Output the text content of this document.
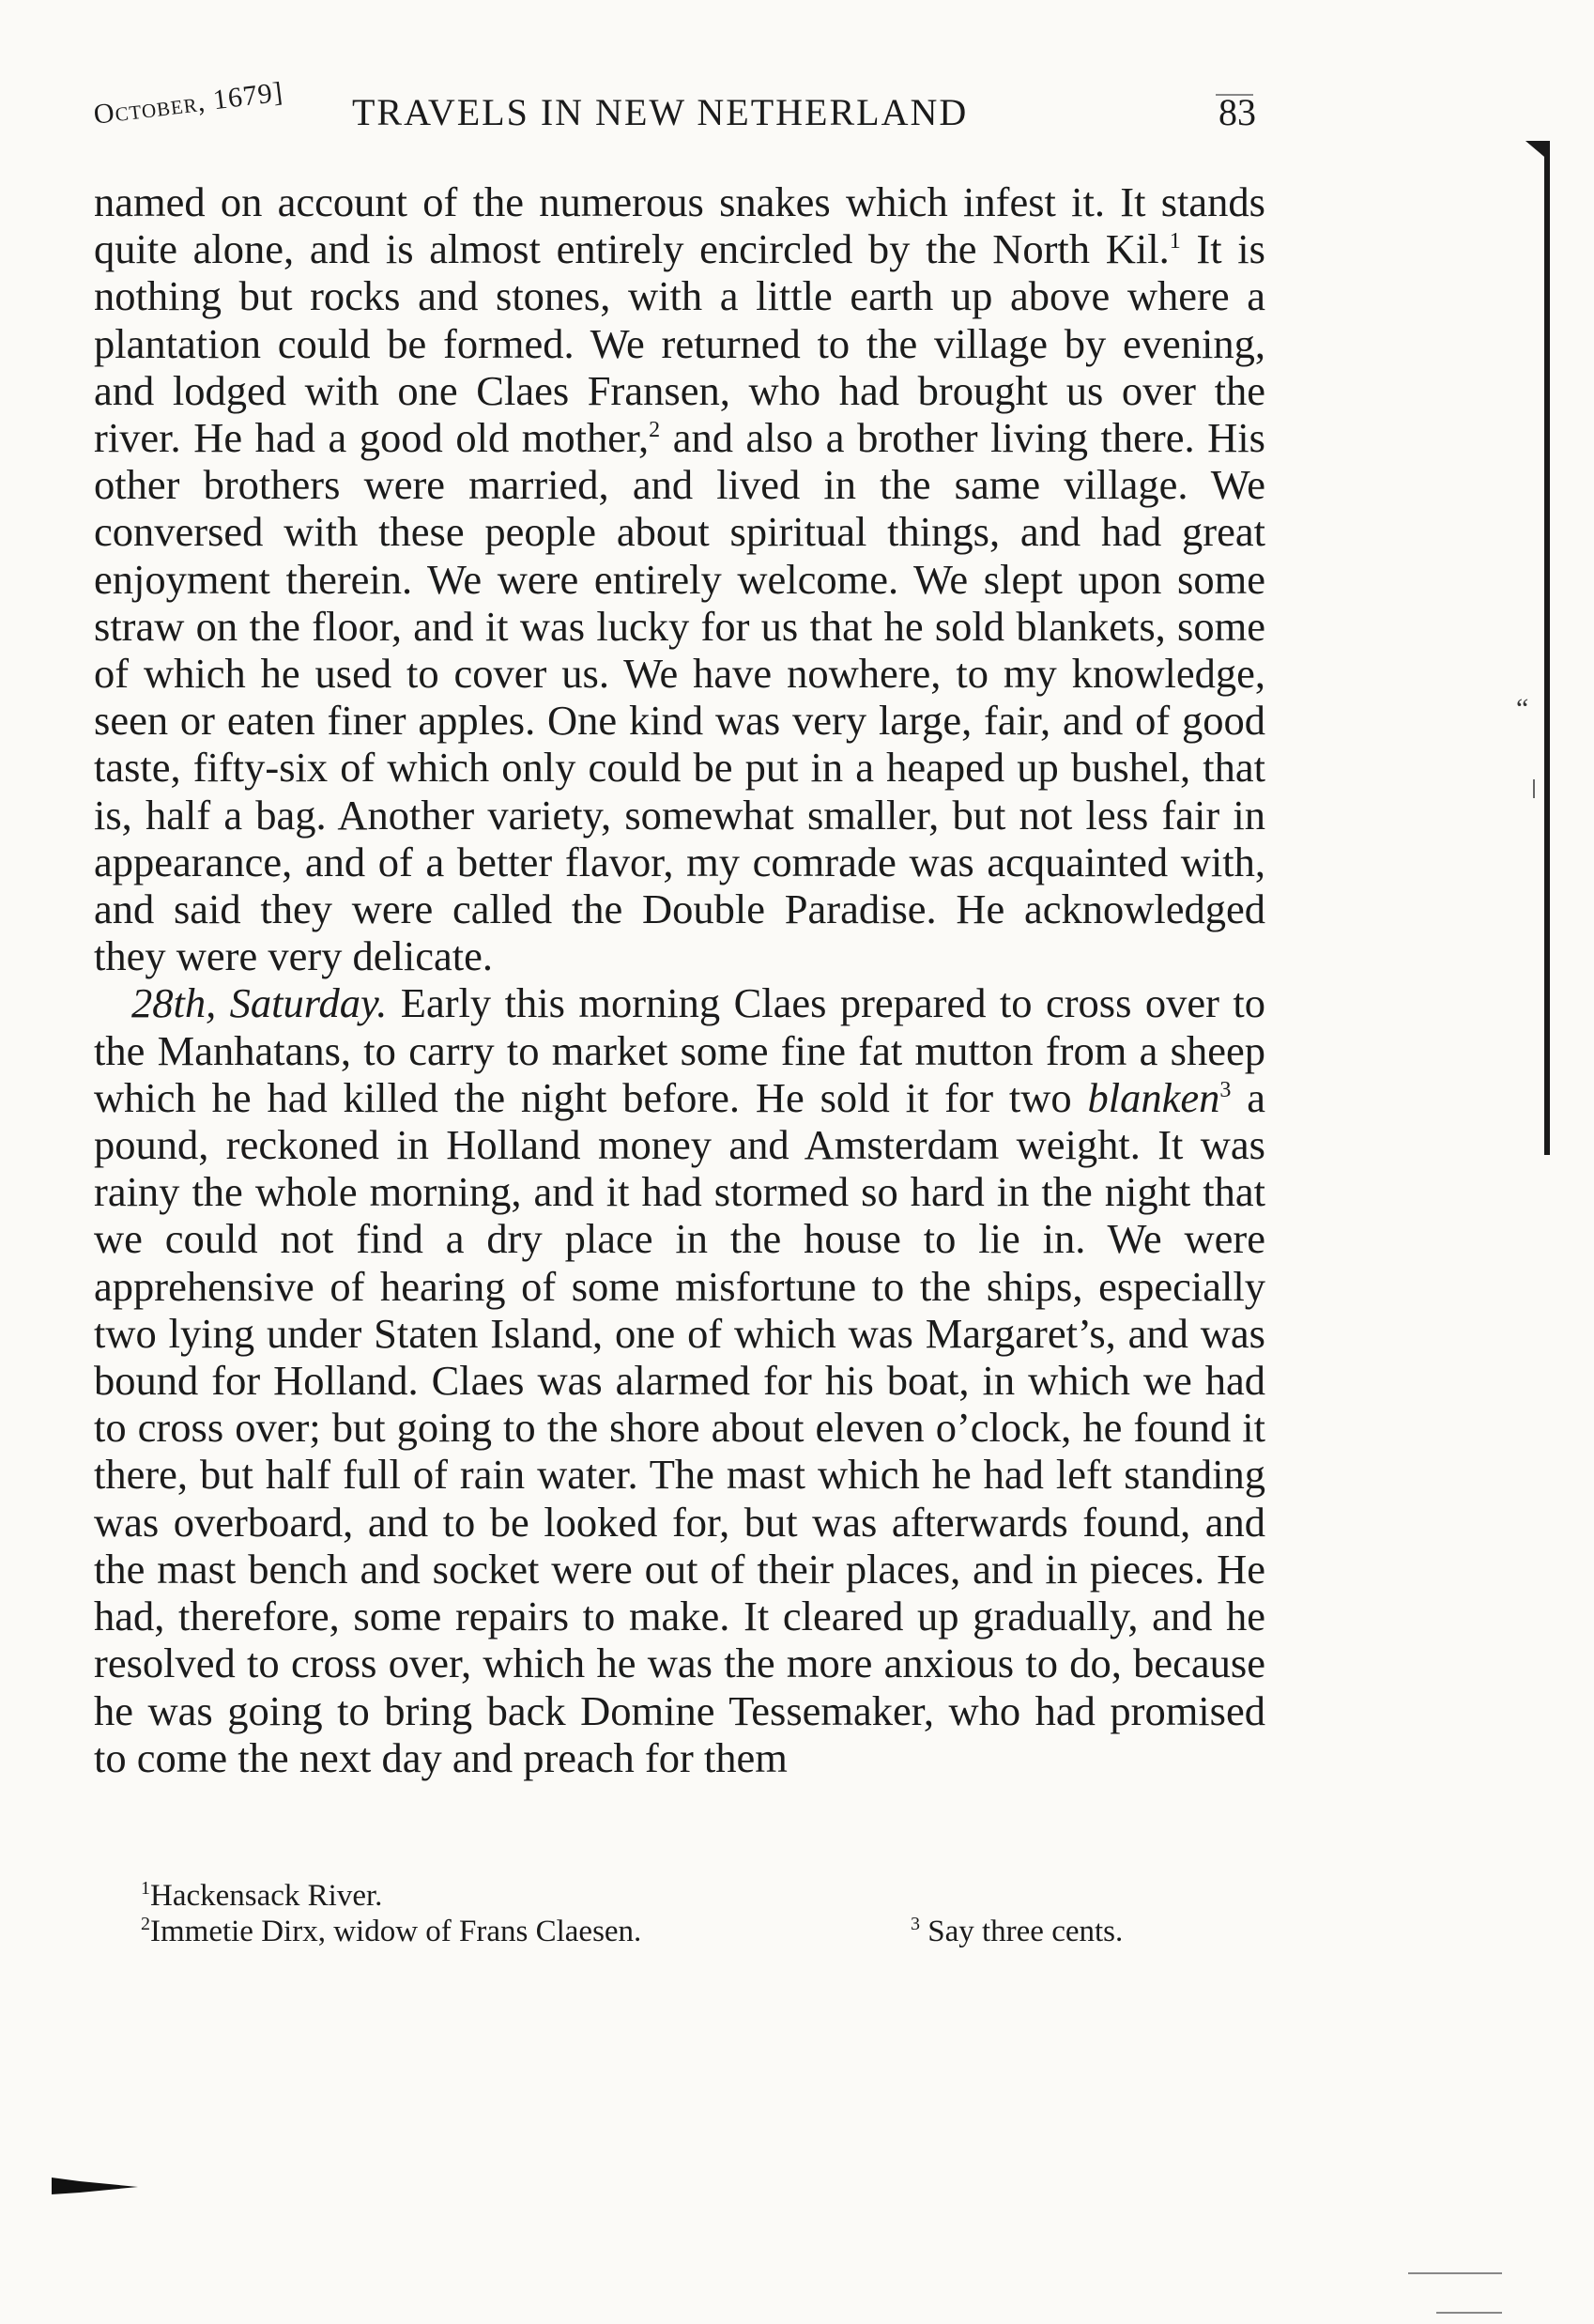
October, 1679] TRAVELS IN NEW NETHERLAND	83

named on account of the numerous snakes which infest it. It stands quite alone, and is almost entirely encircled by the North Kil.$^1$ It is nothing but rocks and stones, with a little earth up above where a plantation could be formed. We returned to the village by evening, and lodged with one Claes Fransen, who had brought us over the river. He had a good old mother,$^2$ and also a brother living there. His other brothers were married, and lived in the same village. We conversed with these people about spiritual things, and had great enjoyment therein. We were entirely welcome. We slept upon some straw on the floor, and it was lucky for us that he sold blankets, some of which he used to cover us. We have nowhere, to my knowledge, seen or eaten finer apples. One kind was very large, fair, and of good taste, fifty-six of which only could be put in a heaped up bushel, that is, half a bag. Another variety, somewhat smaller, but not less fair in appearance, and of a better flavor, my comrade was acquainted with, and said they were called the Double Paradise. He acknowledged they were very delicate.

28th, Saturday. Early this morning Claes prepared to cross over to the Manhatans, to carry to market some fine fat mutton from a sheep which he had killed the night before. He sold it for two blanken$^3$ a pound, reckoned in Holland money and Amsterdam weight. It was rainy the whole morning, and it had stormed so hard in the night that we could not find a dry place in the house to lie in. We were apprehensive of hearing of some misfortune to the ships, especially two lying under Staten Island, one of which was Margaret’s, and was bound for Holland. Claes was alarmed for his boat, in which we had to cross over; but going to the shore about eleven o’clock, he found it there, but half full of rain water. The mast which he had left standing was overboard, and to be looked for, but was afterwards found, and the mast bench and socket were out of their places, and in pieces. He had, therefore, some repairs to make. It cleared up gradually, and he resolved to cross over, which he was the more anxious to do, because he was going to bring back Domine Tessemaker, who had promised to come the next day and preach for them

$^1$Hackensack River.

$^2$Immetie Dirx, widow of Frans Claesen.	$^3$ Say three cents.

“
